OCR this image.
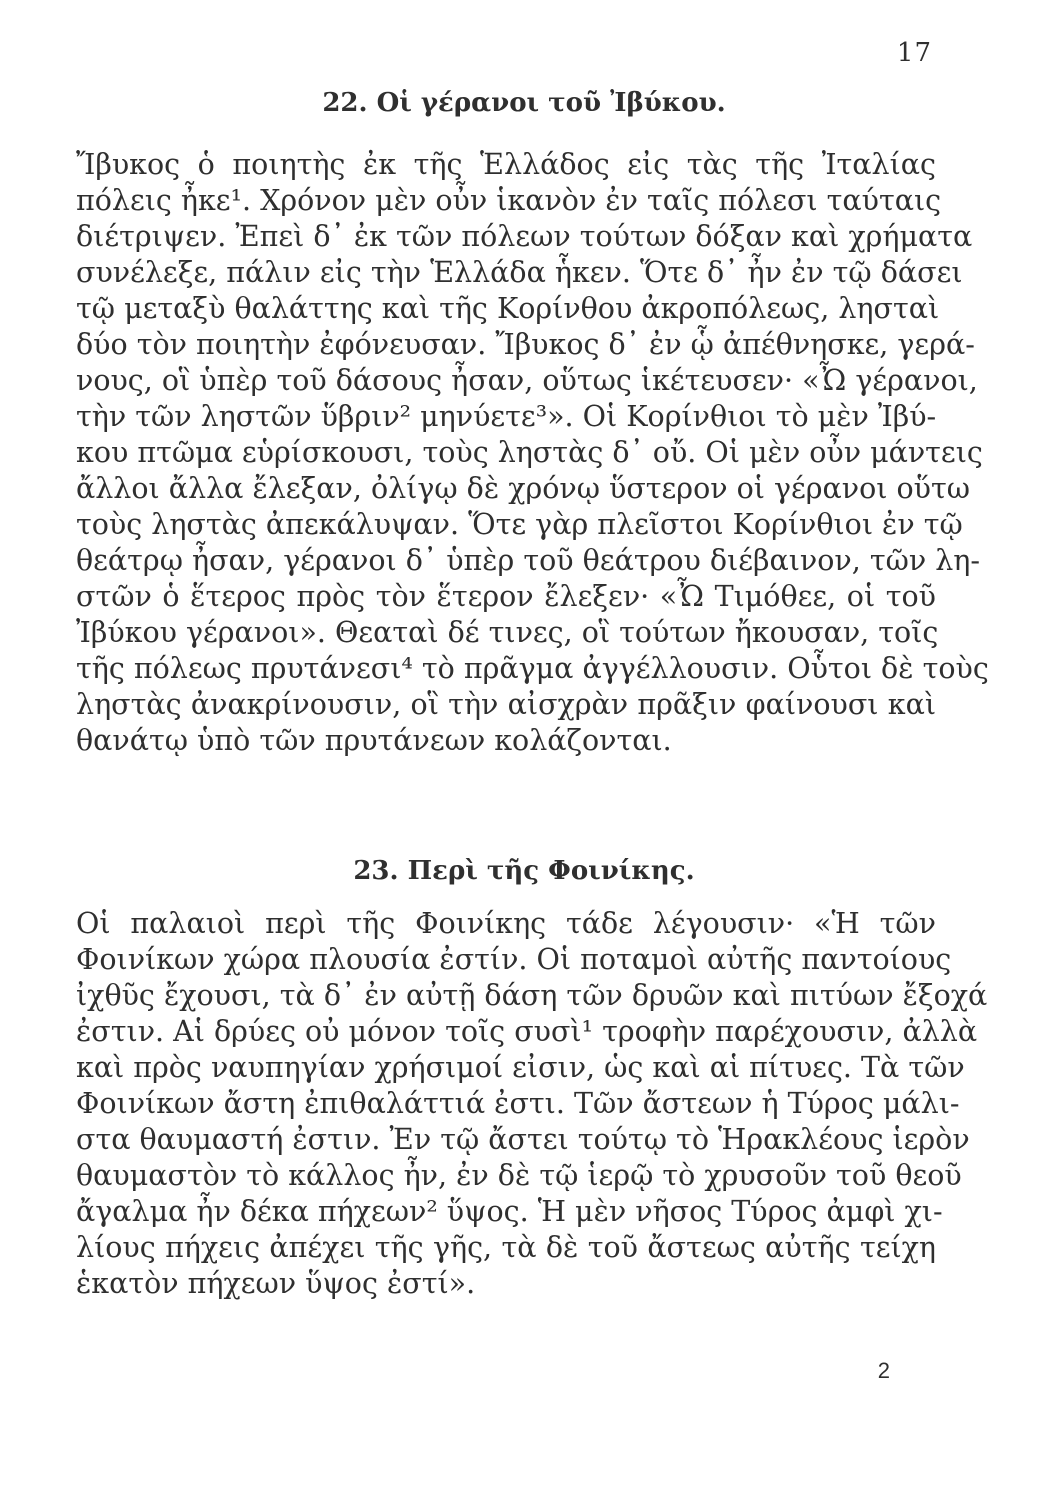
17
22. Οἱ γέρανοι τοῦ Ἰβύκου.

Ἴβυκος ὁ ποιητὴς ἐκ τῆς Ἑλλάδος εἰς τὰς τῆς Ἰταλίας
πόλεις ἦκε¹. Χρόνον μὲν οὖν ἱκανὸν ἐν ταῖς πόλεσι ταύταις
διέτριψεν. Ἐπεὶ δ᾽ ἐκ τῶν πόλεων τούτων δόξαν καὶ χρήματα
συνέλεξε, πάλιν εἰς τὴν Ἑλλάδα ἧκεν. Ὅτε δ᾽ ἦν ἐν τῷ δάσει
τῷ μεταξὺ θαλάττης καὶ τῆς Κορίνθου ἀκροπόλεως, λησταὶ
δύο τὸν ποιητὴν ἐφόνευσαν. Ἴβυκος δ᾽ ἐν ᾧ ἀπέθνησκε, γερά-
νους, οἳ ὑπὲρ τοῦ δάσους ἦσαν, οὕτως ἱκέτευσεν· «Ὦ γέρανοι,
τὴν τῶν ληστῶν ὕβριν² μηνύετε³». Οἱ Κορίνθιοι τὸ μὲν Ἰβύ-
κου πτῶμα εὑρίσκουσι, τοὺς ληστὰς δ᾽ οὔ. Οἱ μὲν οὖν μάντεις
ἄλλοι ἄλλα ἔλεξαν, ὀλίγῳ δὲ χρόνῳ ὕστερον οἱ γέρανοι οὕτω
τοὺς ληστὰς ἀπεκάλυψαν. Ὅτε γὰρ πλεῖστοι Κορίνθιοι ἐν τῷ
θεάτρῳ ἦσαν, γέρανοι δ᾽ ὑπὲρ τοῦ θεάτρου διέβαινον, τῶν λη-
στῶν ὁ ἕτερος πρὸς τὸν ἕτερον ἔλεξεν· «Ὦ Τιμόθεε, οἱ τοῦ
Ἰβύκου γέρανοι». Θεαταὶ δέ τινες, οἳ τούτων ἤκουσαν, τοῖς
τῆς πόλεως πρυτάνεσι⁴ τὸ πρᾶγμα ἀγγέλλουσιν. Οὗτοι δὲ τοὺς
ληστὰς ἀνακρίνουσιν, οἳ τὴν αἰσχρὰν πρᾶξιν φαίνουσι καὶ
θανάτῳ ὑπὸ τῶν πρυτάνεων κολάζονται.

23. Περὶ τῆς Φοινίκης.

Οἱ παλαιοὶ περὶ τῆς Φοινίκης τάδε λέγουσιν· «Ἡ τῶν
Φοινίκων χώρα πλουσία ἐστίν. Οἱ ποταμοὶ αὐτῆς παντοίους
ἰχθῦς ἔχουσι, τὰ δ᾽ ἐν αὐτῇ δάση τῶν δρυῶν καὶ πιτύων ἔξοχά
ἐστιν. Αἱ δρύες οὐ μόνον τοῖς συσὶ¹ τροφὴν παρέχουσιν, ἀλλὰ
καὶ πρὸς ναυπηγίαν χρήσιμοί εἰσιν, ὡς καὶ αἱ πίτυες. Τὰ τῶν
Φοινίκων ἄστη ἐπιθαλάττιά ἐστι. Τῶν ἄστεων ἡ Τύρος μάλι-
στα θαυμαστή ἐστιν. Ἐν τῷ ἄστει τούτῳ τὸ Ἡρακλέους ἱερὸν
θαυμαστὸν τὸ κάλλος ἦν, ἐν δὲ τῷ ἱερῷ τὸ χρυσοῦν τοῦ θεοῦ
ἄγαλμα ἦν δέκα πήχεων² ὕψος. Ἡ μὲν νῆσος Τύρος ἀμφὶ χι-
λίους πήχεις ἀπέχει τῆς γῆς, τὰ δὲ τοῦ ἄστεως αὐτῆς τείχη
ἑκατὸν πήχεων ὕψος ἐστί».

2
